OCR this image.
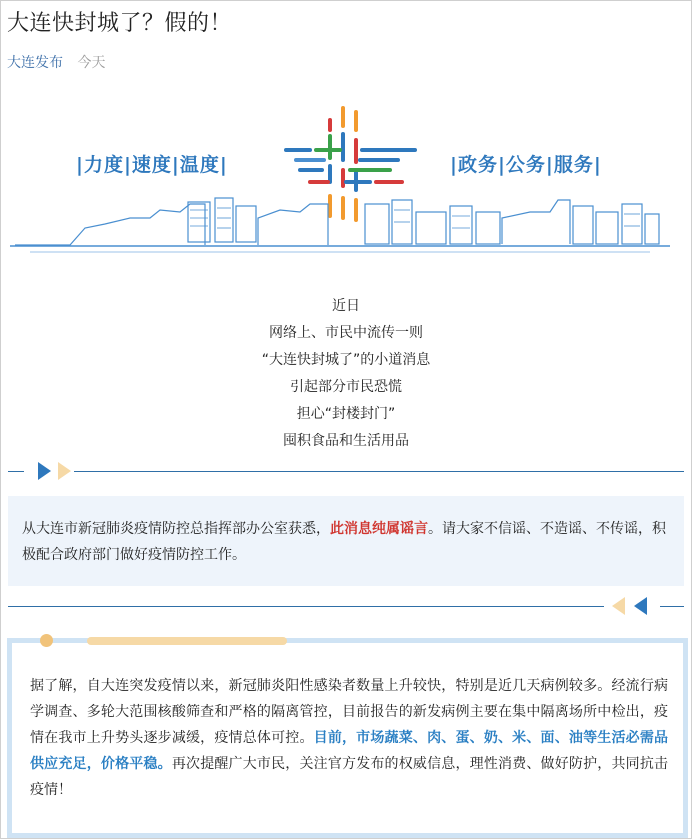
大连快封城了？假的！
大连发布 今天
|力度|速度|温度|	|政务|公务|服务|
近日
网络上、市民中流传一则
“大连快封城了”的小道消息
引起部分市民恐慌
担心“封楼封门”
囤积食品和生活用品

从大连市新冠肺炎疫情防控总指挥部办公室获悉，此消息纯属谣言。请大家不信谣、不造谣、不传谣，积极配合政府部门做好疫情防控工作。

据了解，自大连突发疫情以来，新冠肺炎阳性感染者数量上升较快，特别是近几天病例较多。经流行病学调查、多轮大范围核酸筛查和严格的隔离管控，目前报告的新发病例主要在集中隔离场所中检出，疫情在我市上升势头逐步减缓，疫情总体可控。目前，市场蔬菜、肉、蛋、奶、米、面、油等生活必需品供应充足，价格平稳。再次提醒广大市民，关注官方发布的权威信息，理性消费、做好防护，共同抗击疫情！
